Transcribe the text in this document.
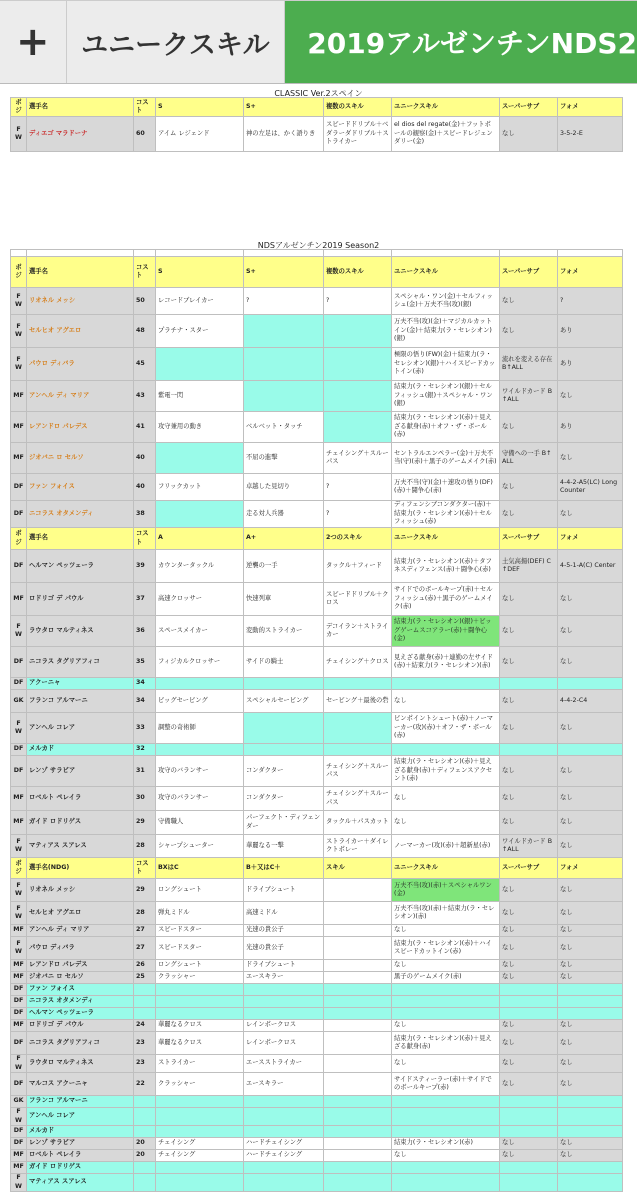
+	ユニークスキル	2019アルゼンチンNDS2
CLASSIC Ver.2スペイン
ポジ	選手名	コスト	S	S+	複数のスキル	ユニークスキル	スーパーサブ	フォメ
FW	ディエゴ マラドーナ	60	アイム レジェンド	神の左足は、かく語りき	スピードドリブル＋ベダラーダドリブル＋ストライカー	el dios del regate(金)＋フットボールの観察(金)＋スピードレジェンダリー(金)	なし	3-5-2-E
NDSアルゼンチン2019 Season2

ポジ	選手名	コスト	S	S+	複数のスキル	ユニークスキル	スーパーサブ	フォメ
FW	リオネル メッシ	50	レコードブレイカー	?	?	スペシャル・ワン(金)＋セルフィッシュ(金)＋万夫不当(攻)(銀)	なし	?
FW	セルヒオ アグエロ	48	プラチナ・スター			万夫不当(攻)(金)＋マジカルカットイン(金)＋結束力(ラ・セレシオン)(銀)	なし	あり
FW	パウロ ディバラ	45				極限の悟り(FW)(金)＋結束力(ラ・セレシオン)(銀)＋ハイスピードカットイン(赤)	流れを変える存在 B↑ALL	あり
MF	アンヘル ディ マリア	43	紫電一閃			結束力(ラ・セレシオン)(銀)＋セルフィッシュ(銀)＋スペシャル・ワン(銀)	ワイルドカード B↑ALL	なし
MF	レアンドロ パレデス	41	攻守兼用の動き	ベルベット・タッチ		結束力(ラ・セレシオン)(赤)＋見えざる献身(赤)＋オフ・ザ・ボール(赤)	なし	あり
MF	ジオバニ ロ セルソ	40		不屈の進撃	チェイシング＋スルーパス	セントラルエンペラー(金)＋万夫不当(守)(赤)＋黒子のゲームメイク(赤)	守備への一手 B↑ALL	なし
DF	ファン フォイス	40	フリックカット	卓越した見切り	?	万夫不当(守)(金)＋速攻の悟り(DF)(赤)＋闘争心(赤)	なし	4-4-2-A5(LC) Long Counter
DF	ニコラス オタメンディ	38		走る対人兵器	?	ディフェンシブコンダクター(赤)＋結束力(ラ・セレシオン)(赤)＋セルフィッシュ(赤)	なし	なし
ポジ	選手名	コスト	A	A+	2つのスキル	ユニークスキル	スーパーサブ	フォメ
DF	ヘルマン ペッツェーラ	39	カウンタータックル	逆襲の一手	タックル＋フィード	結束力(ラ・セレシオン)(赤)＋タフネスディフェンス(赤)＋闘争心(赤)	土気高揚(DEF) C↑DEF	4-5-1-A(C) Center
MF	ロドリゴ デ パウル	37	高速クロッサー	快速列車	スピードドリブル＋クロス	サイドでのボールキープ(赤)＋セルフィッシュ(赤)＋黒子のゲームメイク(赤)	なし	なし
FW	ラウタロ マルティネス	36	スペースメイカー	変動的ストライカー	デコイラン＋ストライカー	結束力(ラ・セレシオン)(銀)＋ビッグゲームスコアラー(赤)＋闘争心(金)	なし	なし
DF	ニコラス タグリアフィコ	35	フィジカルクロッサー	サイドの騎士	チェイシング＋クロス	見えざる献身(赤)＋連勤の左サイド(赤)＋結束力(ラ・セレシオン)(赤)	なし	なし
DF	アクーニャ	34						
GK	フランコ アルマーニ	34	ビッグセービング	スペシャルセービング	セービング＋最後の砦	なし	なし	4-4-2-C4
FW	アンヘル コレア	33	調整の奇術師			ピンポイントシュート(赤)＋ノーマーカー(攻)(赤)＋オフ・ザ・ボール(赤)	なし	なし
DF	メルカド	32						
DF	レンゾ サラビア	31	攻守のバランサー	コンダクター	チェイシング＋スルーパス	結束力(ラ・セレシオン)(赤)＋見えざる献身(赤)＋ディフェンスアクセント(赤)	なし	なし
MF	ロベルト ペレイラ	30	攻守のバランサー	コンダクター	チェイシング＋スルーパス	なし	なし	なし
MF	ガイド ロドリゲス	29	守備職人	パーフェクト・ディフェンダー	タックル＋パスカット	なし	なし	なし
FW	マティアス スアレス	28	シャープシューター	華麗なる一撃	ストライカー＋ダイレクトボレー	ノーマーカー(攻)(赤)＋超新星(赤)	ワイルドカード B↑ALL	なし
ポジ	選手名(NDG)	コスト	BXはC	B＋又はC＋	スキル	ユニークスキル	スーパーサブ	フォメ
FW	リオネル メッシ	29	ロングシュート	ドライブシュート		万夫不当(攻)(赤)＋スペシャルワン(金)	なし	なし
FW	セルヒオ アグエロ	28	弾丸ミドル	高速ミドル		万夫不当(攻)(赤)＋結束力(ラ・セレシオン)(赤)	なし	なし
MF	アンヘル ディ マリア	27	スピードスター	光速の貴公子		なし	なし	なし
FW	パウロ ディバラ	27	スピードスター	光速の貴公子		結束力(ラ・セレシオン)(赤)＋ハイスピードカットイン(赤)	なし	なし
MF	レアンドロ パレデス	26	ロングシュート	ドライブシュート		なし	なし	なし
MF	ジオバニ ロ セルソ	25	クラッシャー	エースキラー		黒子のゲームメイク(赤)	なし	なし
DF	ファン フォイス							
DF	ニコラス オタメンディ							
DF	ヘルマン ペッツェーラ							
MF	ロドリゴ デ パウル	24	華麗なるクロス	レインボークロス		なし	なし	なし
DF	ニコラス タグリアフィコ	23	華麗なるクロス	レインボークロス		結束力(ラ・セレシオン)(赤)＋見えざる献身(赤)	なし	なし
FW	ラウタロ マルティネス	23	ストライカー	エースストライカー		なし	なし	なし
DF	マルコス アクーニャ	22	クラッシャー	エースキラー		サイドスティーラー(赤)＋サイドでのボールキープ(赤)	なし	なし
GK	フランコ アルマーニ							
FW	アンヘル コレア							
DF	メルカド							
DF	レンゾ サラビア	20	チェイシング	ハードチェイシング		結束力(ラ・セレシオン)(赤)	なし	なし
MF	ロベルト ペレイラ	20	チェイシング	ハードチェイシング		なし	なし	なし
MF	ガイド ロドリゲス							
FW	マティアス スアレス							
